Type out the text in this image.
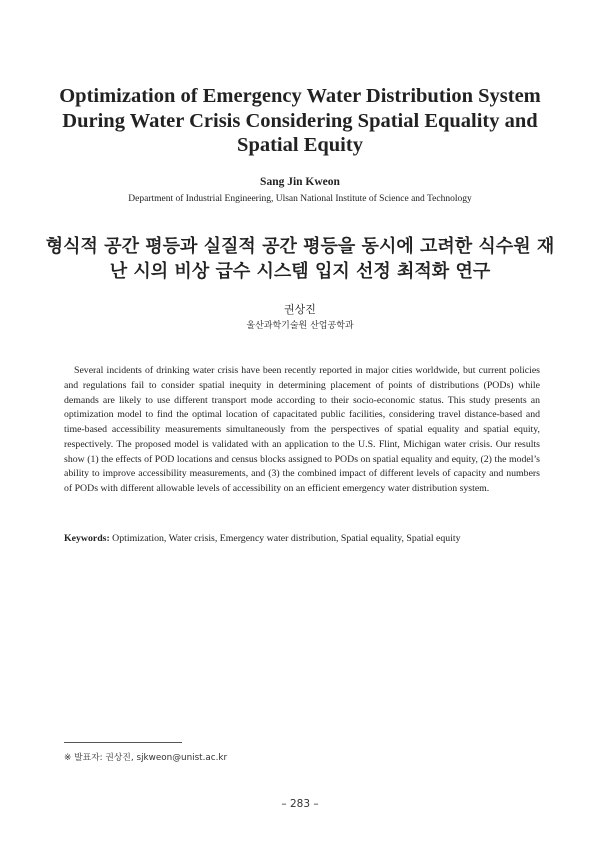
Optimization of Emergency Water Distribution System During Water Crisis Considering Spatial Equality and Spatial Equity
Sang Jin Kweon
Department of Industrial Engineering, Ulsan National Institute of Science and Technology
형식적 공간 평등과 실질적 공간 평등을 동시에 고려한 식수원 재난 시의 비상 급수 시스템 입지 선정 최적화 연구
권상진
울산과학기술원 산업공학과

Several incidents of drinking water crisis have been recently reported in major cities worldwide, but current policies and regulations fail to consider spatial inequity in determining placement of points of distributions (PODs) while demands are likely to use different transport mode according to their socio-economic status. This study presents an optimization model to find the optimal location of capacitated public facilities, considering travel distance-based and time-based accessibility measurements simultaneously from the perspectives of spatial equality and spatial equity, respectively. The proposed model is validated with an application to the U.S. Flint, Michigan water crisis. Our results show (1) the effects of POD locations and census blocks assigned to PODs on spatial equality and equity, (2) the model’s ability to improve accessibility measurements, and (3) the combined impact of different levels of capacity and numbers of PODs with different allowable levels of accessibility on an efficient emergency water distribution system.

Keywords: Optimization, Water crisis, Emergency water distribution, Spatial equality, Spatial equity
※ 발표자: 권상진, sjkweon@unist.ac.kr
– 283 –
